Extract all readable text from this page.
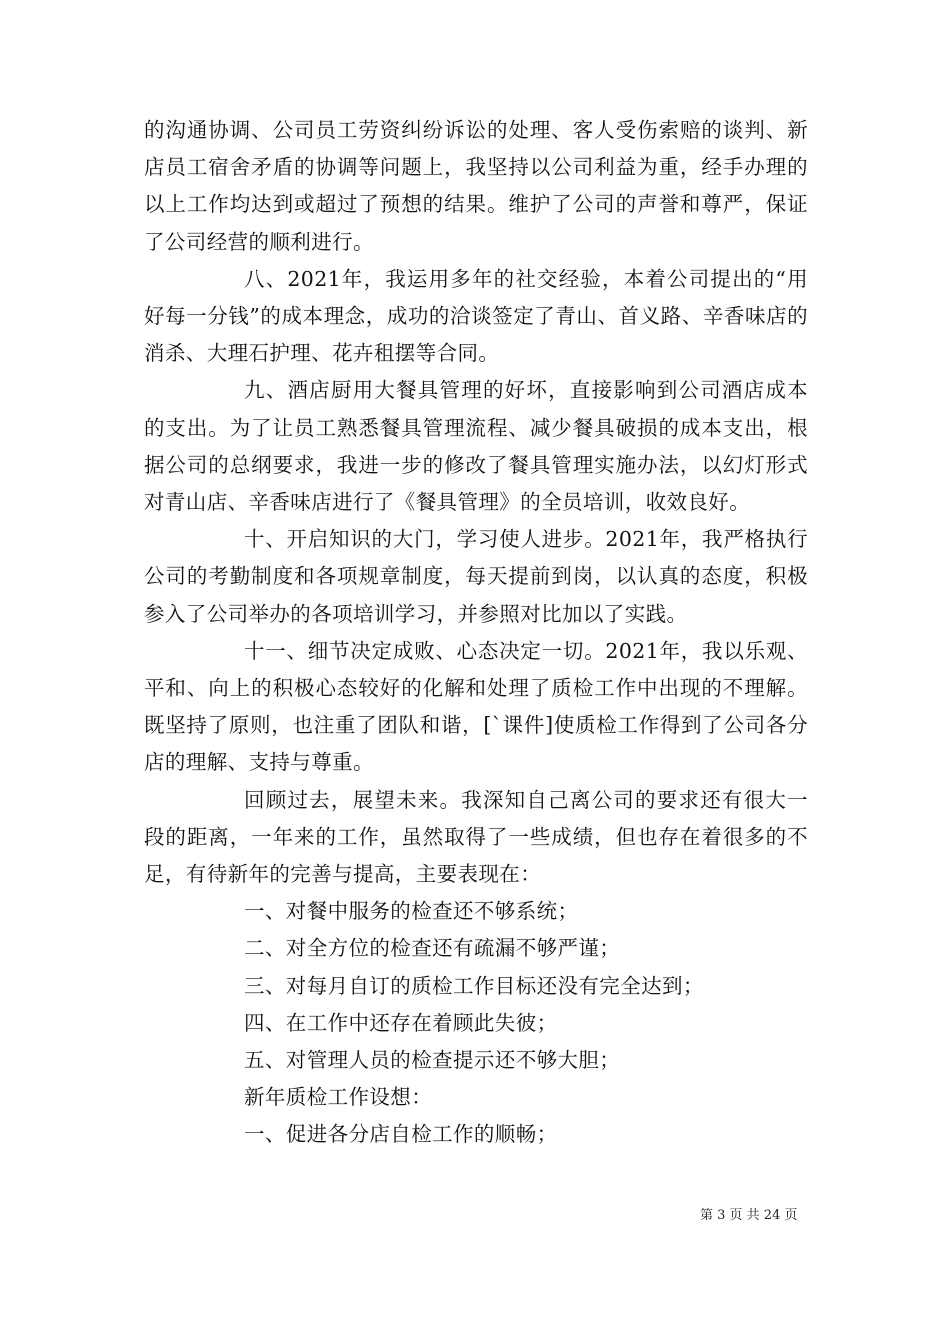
的沟通协调、公司员工劳资纠纷诉讼的处理、客人受伤索赔的谈判、新店员工宿舍矛盾的协调等问题上，我坚持以公司利益为重，经手办理的以上工作均达到或超过了预想的结果。维护了公司的声誉和尊严，保证了公司经营的顺利进行。

八、2021年，我运用多年的社交经验，本着公司提出的“用好每一分钱”的成本理念，成功的洽谈签定了青山、首义路、辛香味店的消杀、大理石护理、花卉租摆等合同。

九、酒店厨用大餐具管理的好坏，直接影响到公司酒店成本的支出。为了让员工熟悉餐具管理流程、减少餐具破损的成本支出，根据公司的总纲要求，我进一步的修改了餐具管理实施办法，以幻灯形式对青山店、辛香味店进行了《餐具管理》的全员培训，收效良好。

十、开启知识的大门，学习使人进步。2021年，我严格执行公司的考勤制度和各项规章制度，每天提前到岗，以认真的态度，积极参入了公司举办的各项培训学习，并参照对比加以了实践。

十一、细节决定成败、心态决定一切。2021年，我以乐观、平和、向上的积极心态较好的化解和处理了质检工作中出现的不理解。既坚持了原则，也注重了团队和谐，[`课件]使质检工作得到了公司各分店的理解、支持与尊重。

回顾过去，展望未来。我深知自己离公司的要求还有很大一段的距离，一年来的工作，虽然取得了一些成绩，但也存在着很多的不足，有待新年的完善与提高，主要表现在：

一、对餐中服务的检查还不够系统；
二、对全方位的检查还有疏漏不够严谨；
三、对每月自订的质检工作目标还没有完全达到；
四、在工作中还存在着顾此失彼；
五、对管理人员的检查提示还不够大胆；
新年质检工作设想：
一、促进各分店自检工作的顺畅；
第 3 页 共 24 页
